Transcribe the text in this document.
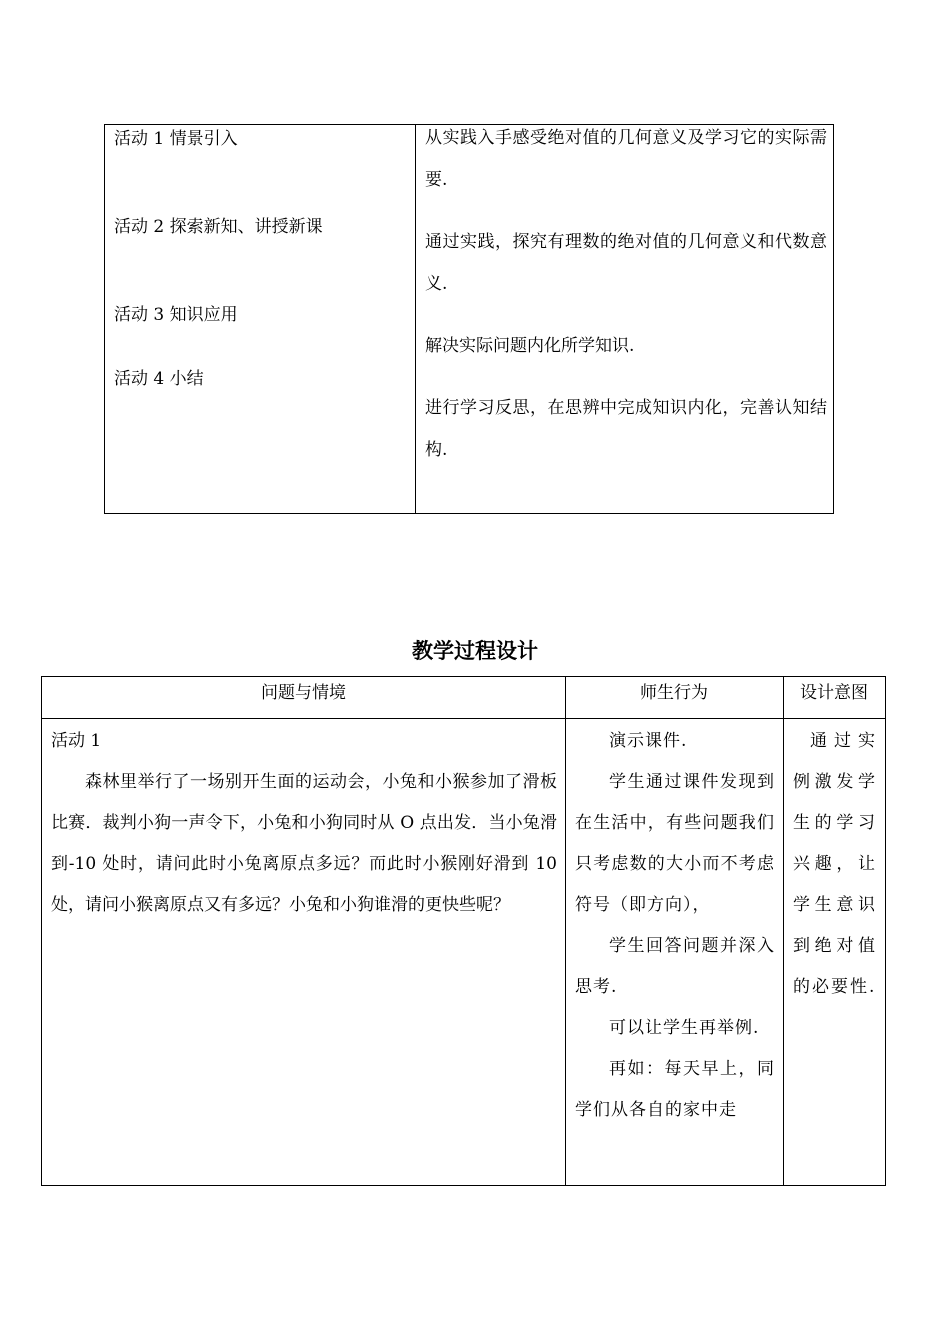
活动 1 情景引入
活动 2 探索新知、讲授新课
活动 3 知识应用
活动 4 小结
从实践入手感受绝对值的几何意义及学习它的实际需要.
通过实践，探究有理数的绝对值的几何意义和代数意义.
解决实际问题内化所学知识.
进行学习反思，在思辨中完成知识内化，完善认知结构.
教学过程设计
问题与情境	师生行为	设计意图
活动 1
森林里举行了一场别开生面的运动会，小兔和小猴参加了滑板比赛．裁判小狗一声令下，小兔和小狗同时从 O 点出发．当小兔滑到-10 处时，请问此时小兔离原点多远？而此时小猴刚好滑到 10 处，请问小猴离原点又有多远？小兔和小狗谁滑的更快些呢？
演示课件.
学生通过课件发现到在生活中，有些问题我们只考虑数的大小而不考虑符号（即方向），
学生回答问题并深入思考.
可以让学生再举例.
再如：每天早上，同学们从各自的家中走
通过实例激发学生的学习兴趣，让学生意识到绝对值的必要性.
